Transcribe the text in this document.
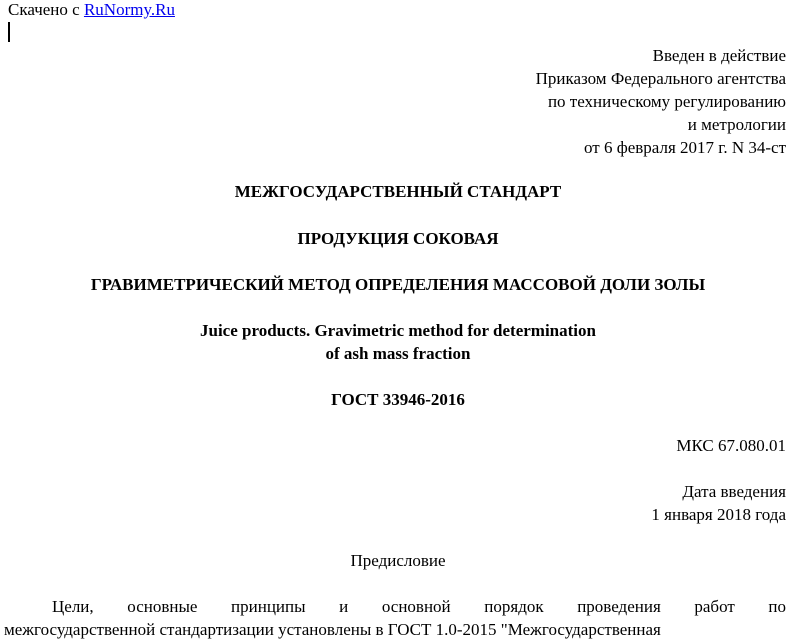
Скачено с RuNormy.Ru
Введен в действие
Приказом Федерального агентства
по техническому регулированию
и метрологии
от 6 февраля 2017 г. N 34-ст
МЕЖГОСУДАРСТВЕННЫЙ СТАНДАРТ
ПРОДУКЦИЯ СОКОВАЯ
ГРАВИМЕТРИЧЕСКИЙ МЕТОД ОПРЕДЕЛЕНИЯ МАССОВОЙ ДОЛИ ЗОЛЫ
Juice products. Gravimetric method for determination
of ash mass fraction
ГОСТ 33946-2016
МКС 67.080.01
Дата введения
1 января 2018 года
Предисловие
Цели, основные принципы и основной порядок проведения работ по
межгосударственной стандартизации установлены в ГОСТ 1.0-2015 "Межгосударственная
